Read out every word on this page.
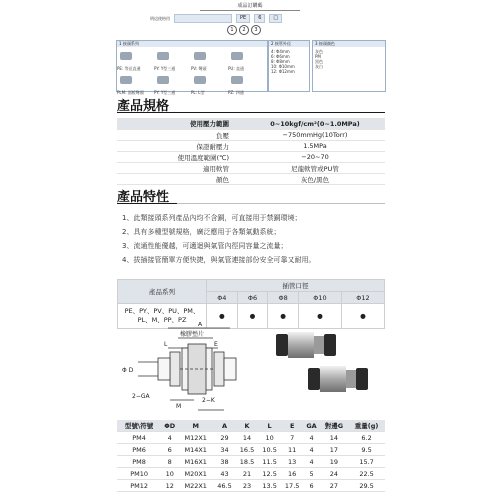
成品訂購碼
明這使格用	PE	6	□
1	2	3
1 接頭系列
PE: 等徑直通	PY: Y型三通	PV: 彎頭	PU: 直通
PLM: 面板彎頭	PY: Y型三通	PL: L型	PZ: 四通
2 接管外徑
4: Φ4mm
6: Φ6mm
8: Φ8mm
10: Φ10mm
12: Φ12mm
3 接頭顏色
灰色
PM
黑色
灰白
產品規格
使用壓力範圍	0~10kgf/cm²(0~1.0MPa)
負壓	−750mmHg(10Torr)
保證耐壓力	1.5MPa
使用溫度範圍(℃)	−20~70
適用軟管	尼龍軟管或PU管
顏色	灰色/黑色
產品特性
1、此類接頭系列產品內均不含銅，可直接用于禁銅環境；
2、具有多種型號規格，廣泛應用于各類氣動系統；
3、流通性能優越，可適迴與氣管內徑同容量之流量；
4、拔插接管簡單方便快捷，與氣管連接部份安全可靠又耐用。
產品系列	插管口徑				
	Φ4	Φ6	Φ8	Φ10	Φ12
PE、PY、PV、PU、PM、PL、M、PP、PZ	●	●	●	●	●
A
橡膠墊片
L	E
Φ D
2−GA
M
2−K
型號\符號	ΦD	M	A	K	L	E	GA	對邊G	重量(g)
PM4	4	M12X1	29	14	10	7	4	14	6.2
PM6	6	M14X1	34	16.5	10.5	11	4	17	9.5
PM8	8	M16X1	38	18.5	11.5	13	4	19	15.7
PM10	10	M20X1	43	21	12.5	16	5	24	22.5
PM12	12	M22X1	46.5	23	13.5	17.5	6	27	29.5
